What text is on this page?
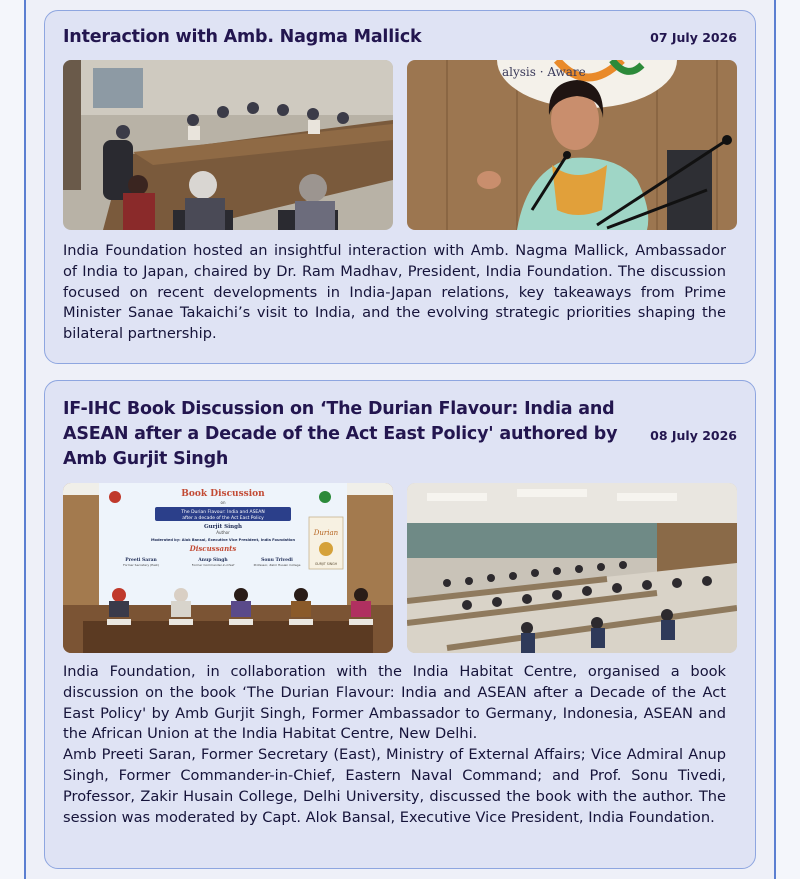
Interaction with Amb. Nagma Mallick	07 July 2026
alysis · Aware

India Foundation hosted an insightful interaction with Amb. Nagma Mallick, Ambassador of India to Japan, chaired by Dr. Ram Madhav, President, India Foundation. The discussion focused on recent developments in India-Japan relations, key takeaways from Prime Minister Sanae Takaichi’s visit to India, and the evolving strategic priorities shaping the bilateral partnership.

IF-IHC Book Discussion on ‘The Durian Flavour: India and ASEAN after a Decade of the Act East Policy' authored by Amb Gurjit Singh
08 July 2026
Book Discussion
on
The Durian Flavour: India and ASEAN
after a decade of the Act East Policy
Gurjit Singh
Author
Moderated by: Alok Bansal, Executive Vice President, India Foundation
Discussants
Preeti Saran
Former Secretary (East)
Anup Singh
Former Commander-in-Chief
Sonu Trivedi
Professor, Zakir Husain College
Durian
GURJIT SINGH

India Foundation, in collaboration with the India Habitat Centre, organised a book discussion on the book ‘The Durian Flavour: India and ASEAN after a Decade of the Act East Policy' by Amb Gurjit Singh, Former Ambassador to Germany, Indonesia, ASEAN and the African Union at the India Habitat Centre, New Delhi.

Amb Preeti Saran, Former Secretary (East), Ministry of External Affairs; Vice Admiral Anup Singh, Former Commander-in-Chief, Eastern Naval Command; and Prof. Sonu Tivedi, Professor, Zakir Husain College, Delhi University, discussed the book with the author. The session was moderated by Capt. Alok Bansal, Executive Vice President, India Foundation.
